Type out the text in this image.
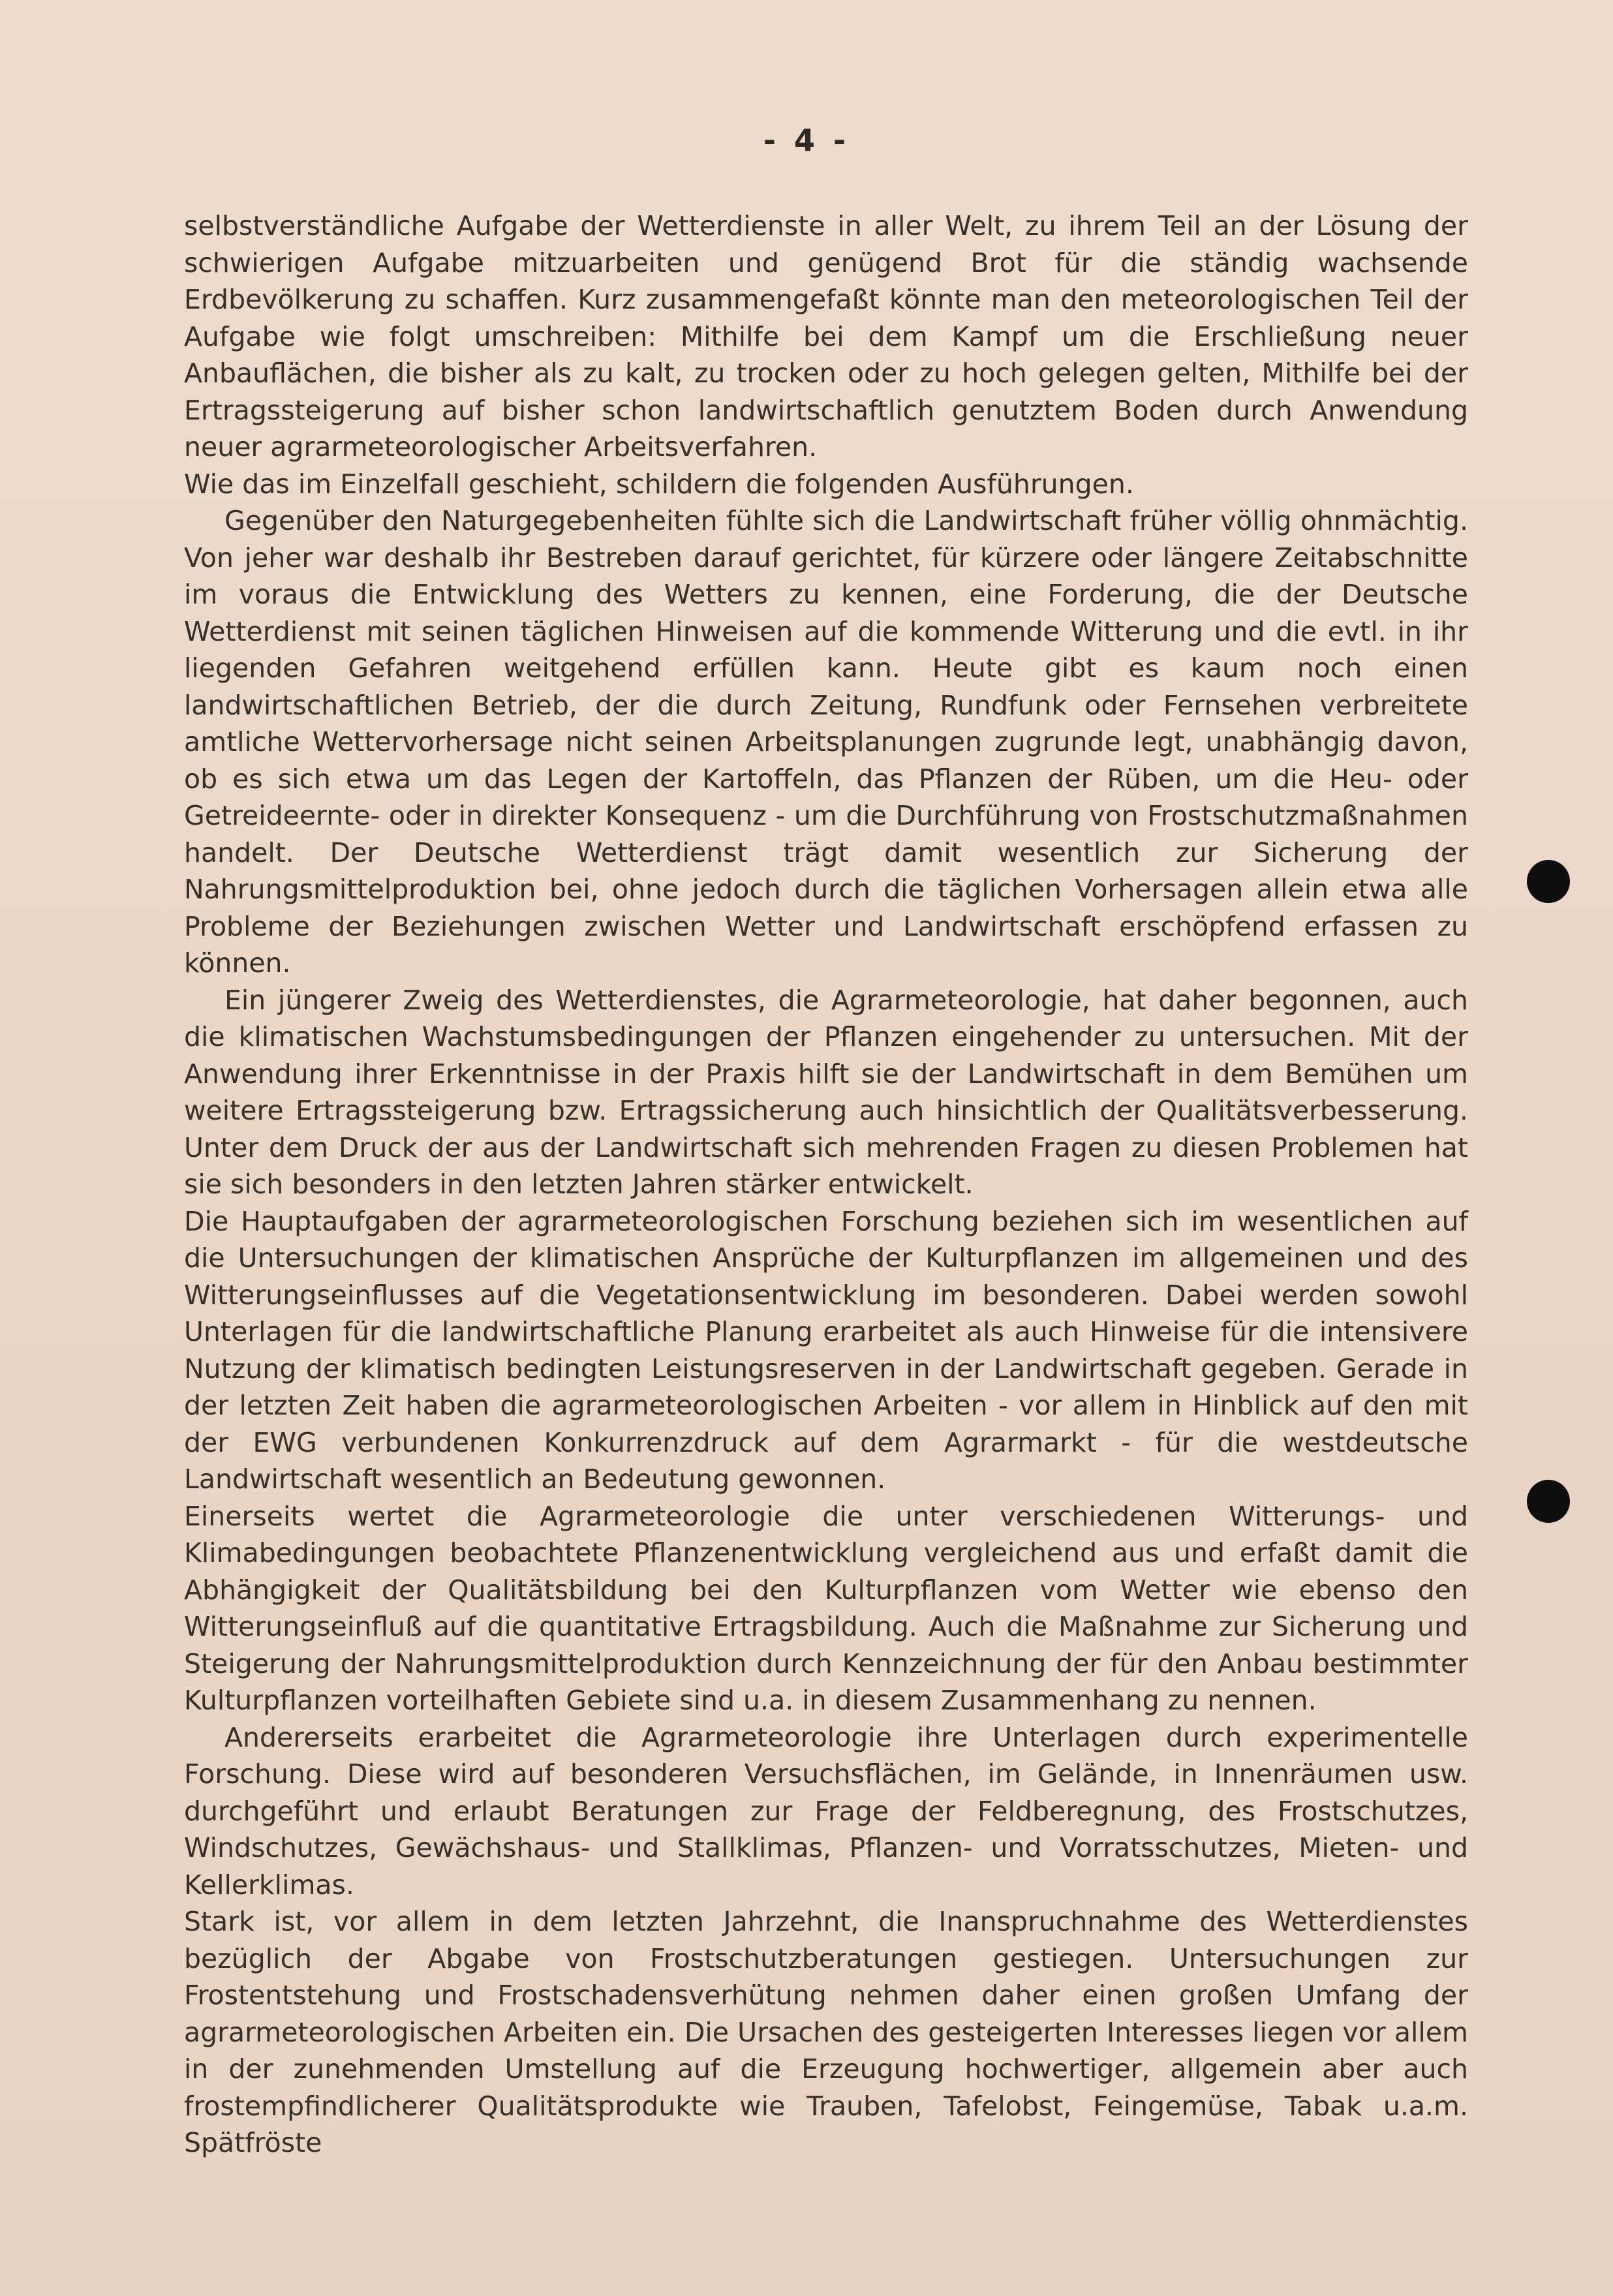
- 4 -

selbstverständliche Aufgabe der Wetterdienste in aller Welt, zu ihrem Teil an der Lösung der schwierigen Aufgabe mitzuarbeiten und genügend Brot für die ständig wachsende Erdbevölkerung zu schaffen. Kurz zusammengefaßt könnte man den meteorologischen Teil der Aufgabe wie folgt umschreiben: Mithilfe bei dem Kampf um die Erschließung neuer Anbauflächen, die bisher als zu kalt, zu trocken oder zu hoch gelegen gelten, Mithilfe bei der Ertragssteigerung auf bisher schon landwirtschaftlich genutztem Boden durch Anwendung neuer agrarmeteorologischer Arbeitsverfahren.

Wie das im Einzelfall geschieht, schildern die folgenden Ausführungen.

Gegenüber den Naturgegebenheiten fühlte sich die Landwirtschaft früher völlig ohnmächtig. Von jeher war deshalb ihr Bestreben darauf gerichtet, für kürzere oder längere Zeitabschnitte im voraus die Entwicklung des Wetters zu kennen, eine Forderung, die der Deutsche Wetterdienst mit seinen täglichen Hinweisen auf die kommende Witterung und die evtl. in ihr liegenden Gefahren weitgehend erfüllen kann. Heute gibt es kaum noch einen landwirtschaftlichen Betrieb, der die durch Zeitung, Rundfunk oder Fernsehen verbreitete amtliche Wettervorhersage nicht seinen Arbeitsplanungen zugrunde legt, unabhängig davon, ob es sich etwa um das Legen der Kartoffeln, das Pflanzen der Rüben, um die Heu- oder Getreideernte- oder in direkter Konsequenz - um die Durchführung von Frostschutzmaßnahmen handelt. Der Deutsche Wetterdienst trägt damit wesentlich zur Sicherung der Nahrungsmittelproduktion bei, ohne jedoch durch die täglichen Vorhersagen allein etwa alle Probleme der Beziehungen zwischen Wetter und Landwirtschaft erschöpfend erfassen zu können.

Ein jüngerer Zweig des Wetterdienstes, die Agrarmeteorologie, hat daher begonnen, auch die klimatischen Wachstumsbedingungen der Pflanzen eingehender zu untersuchen. Mit der Anwendung ihrer Erkenntnisse in der Praxis hilft sie der Landwirtschaft in dem Bemühen um weitere Ertragssteigerung bzw. Ertragssicherung auch hinsichtlich der Qualitätsverbesserung. Unter dem Druck der aus der Landwirtschaft sich mehrenden Fragen zu diesen Problemen hat sie sich besonders in den letzten Jahren stärker entwickelt.

Die Hauptaufgaben der agrarmeteorologischen Forschung beziehen sich im wesentlichen auf die Untersuchungen der klimatischen Ansprüche der Kulturpflanzen im allgemeinen und des Witterungseinflusses auf die Vegetationsentwicklung im besonderen. Dabei werden sowohl Unterlagen für die landwirtschaftliche Planung erarbeitet als auch Hinweise für die intensivere Nutzung der klimatisch bedingten Leistungsreserven in der Landwirtschaft gegeben. Gerade in der letzten Zeit haben die agrarmeteorologischen Arbeiten - vor allem in Hinblick auf den mit der EWG verbundenen Konkurrenzdruck auf dem Agrarmarkt - für die westdeutsche Landwirtschaft wesentlich an Bedeutung gewonnen.

Einerseits wertet die Agrarmeteorologie die unter verschiedenen Witterungs- und Klimabedingungen beobachtete Pflanzenentwicklung vergleichend aus und erfaßt damit die Abhängigkeit der Qualitätsbildung bei den Kulturpflanzen vom Wetter wie ebenso den Witterungseinfluß auf die quantitative Ertragsbildung. Auch die Maßnahme zur Sicherung und Steigerung der Nahrungsmittelproduktion durch Kennzeichnung der für den Anbau bestimmter Kulturpflanzen vorteilhaften Gebiete sind u.a. in diesem Zusammenhang zu nennen.

Andererseits erarbeitet die Agrarmeteorologie ihre Unterlagen durch experimentelle Forschung. Diese wird auf besonderen Versuchsflächen, im Gelände, in Innenräumen usw. durchgeführt und erlaubt Beratungen zur Frage der Feldberegnung, des Frostschutzes, Windschutzes, Gewächshaus- und Stallklimas, Pflanzen- und Vorratsschutzes, Mieten- und Kellerklimas.

Stark ist, vor allem in dem letzten Jahrzehnt, die Inanspruchnahme des Wetterdienstes bezüglich der Abgabe von Frostschutzberatungen gestiegen. Untersuchungen zur Frostentstehung und Frostschadensverhütung nehmen daher einen großen Umfang der agrarmeteorologischen Arbeiten ein. Die Ursachen des gesteigerten Interesses liegen vor allem in der zunehmenden Umstellung auf die Erzeugung hochwertiger, allgemein aber auch frostempfindlicherer Qualitätsprodukte wie Trauben, Tafelobst, Feingemüse, Tabak u.a.m. Spätfröste
